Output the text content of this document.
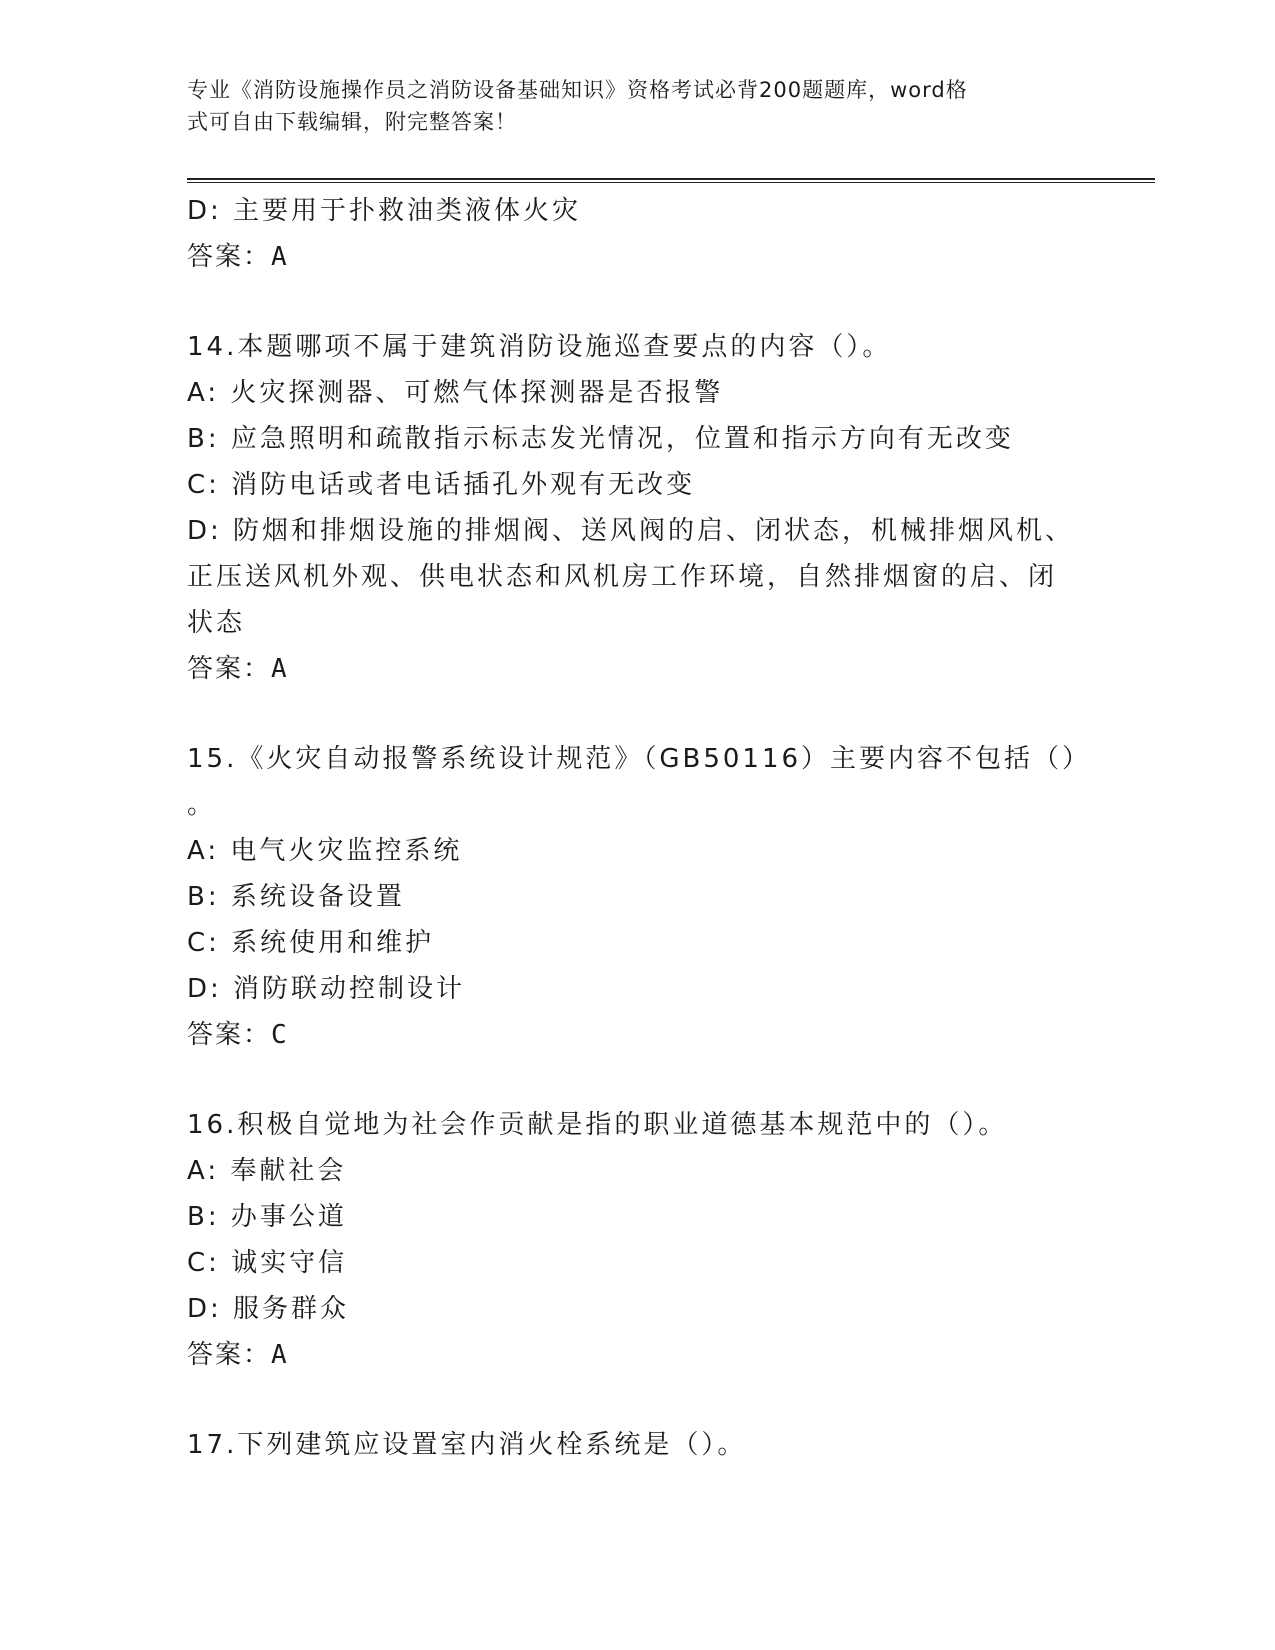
专业《消防设施操作员之消防设备基础知识》资格考试必背200题题库，word格
式可自由下载编辑，附完整答案！
D: 主要用于扑救油类液体火灾
答案：A
14.本题哪项不属于建筑消防设施巡查要点的内容（）。
A: 火灾探测器、可燃气体探测器是否报警
B: 应急照明和疏散指示标志发光情况，位置和指示方向有无改变
C: 消防电话或者电话插孔外观有无改变
D: 防烟和排烟设施的排烟阀、送风阀的启、闭状态，机械排烟风机、
正压送风机外观、供电状态和风机房工作环境，自然排烟窗的启、闭
状态
答案：A
15.《火灾自动报警系统设计规范》（GB50116）主要内容不包括（）
。
A: 电气火灾监控系统
B: 系统设备设置
C: 系统使用和维护
D: 消防联动控制设计
答案：C
16.积极自觉地为社会作贡献是指的职业道德基本规范中的（）。
A: 奉献社会
B: 办事公道
C: 诚实守信
D: 服务群众
答案：A
17.下列建筑应设置室内消火栓系统是（）。
